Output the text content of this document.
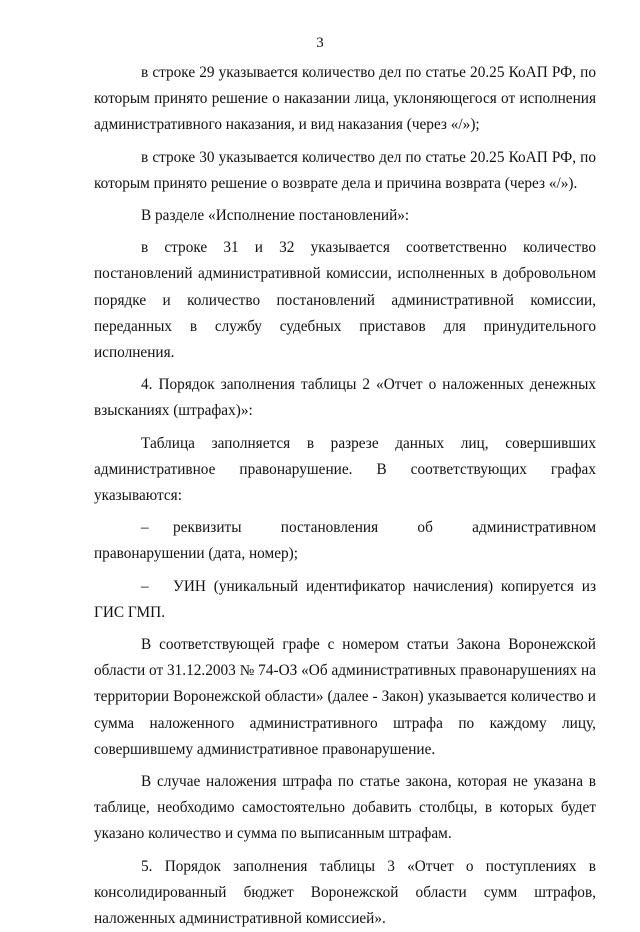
3

в строке 29 указывается количество дел по статье 20.25 КоАП РФ, по которым принято решение о наказании лица, уклоняющегося от исполнения административного наказания, и вид наказания (через «/»);

в строке 30 указывается количество дел по статье 20.25 КоАП РФ, по которым принято решение о возврате дела и причина возврата (через «/»).

В разделе «Исполнение постановлений»:

в строке 31 и 32 указывается соответственно количество постановлений административной комиссии, исполненных в добровольном порядке и количество постановлений административной комиссии, переданных в службу судебных приставов для принудительного исполнения.

4. Порядок заполнения таблицы 2 «Отчет о наложенных денежных взысканиях (штрафах)»:

Таблица заполняется в разрезе данных лиц, совершивших административное правонарушение. В соответствующих графах указываются:

– реквизиты постановления об административном правонарушении (дата, номер);

– УИН (уникальный идентификатор начисления) копируется из ГИС ГМП.

В соответствующей графе с номером статьи Закона Воронежской области от 31.12.2003 № 74-ОЗ «Об административных правонарушениях на территории Воронежской области» (далее - Закон) указывается количество и сумма наложенного административного штрафа по каждому лицу, совершившему административное правонарушение.

В случае наложения штрафа по статье закона, которая не указана в таблице, необходимо самостоятельно добавить столбцы, в которых будет указано количество и сумма по выписанным штрафам.

5. Порядок заполнения таблицы 3 «Отчет о поступлениях в консолидированный бюджет Воронежской области сумм штрафов, наложенных административной комиссией».
